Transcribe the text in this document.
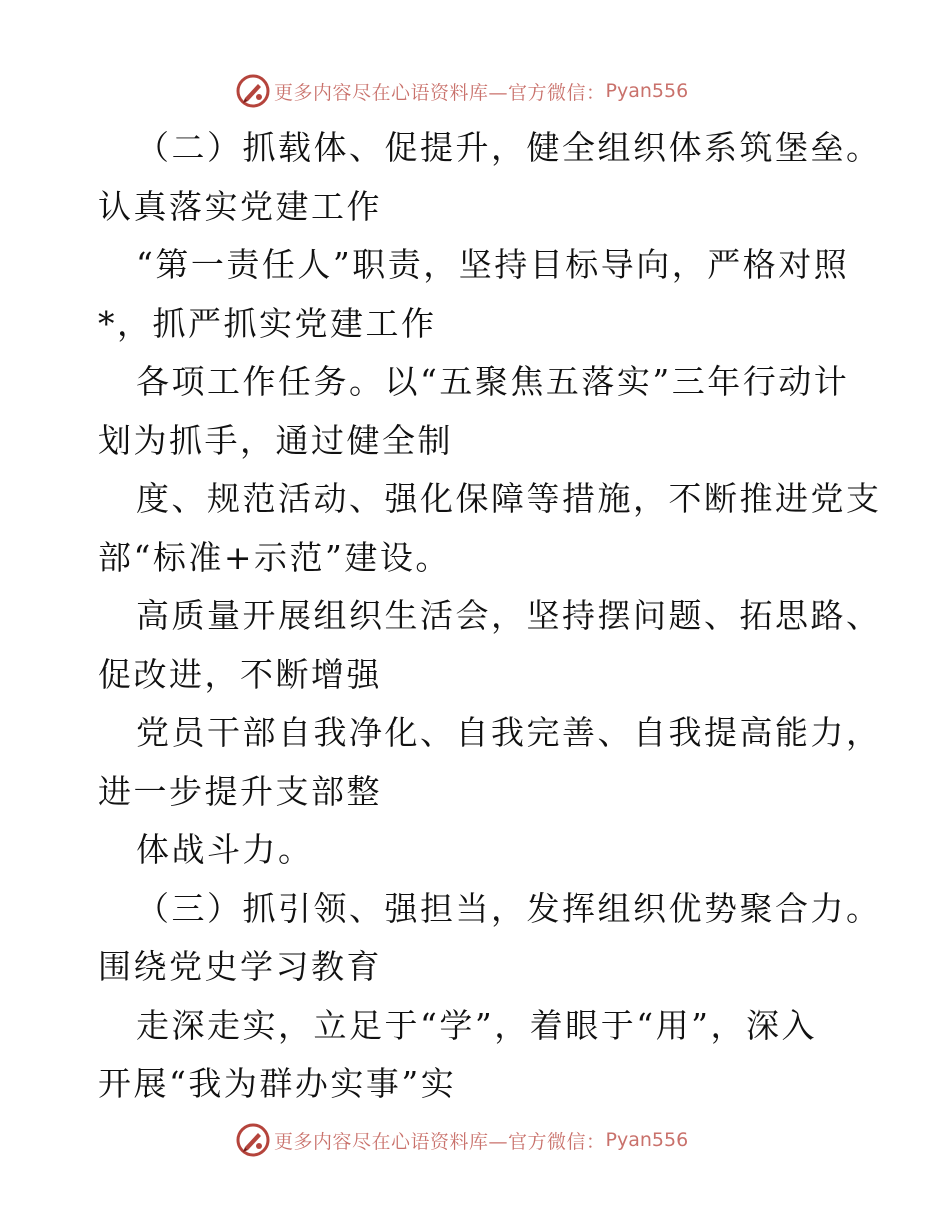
更多内容尽在心语资料库—官方微信： Pyan556
（二）抓载体、促提升，健全组织体系筑堡垒。
认真落实党建工作
“第一责任人”职责，坚持目标导向，严格对照
*，抓严抓实党建工作
各项工作任务。以“五聚焦五落实”三年行动计
划为抓手，通过健全制
度、规范活动、强化保障等措施，不断推进党支
部“标准+示范”建设。
高质量开展组织生活会，坚持摆问题、拓思路、
促改进，不断增强
党员干部自我净化、自我完善、自我提高能力，
进一步提升支部整
体战斗力。
（三）抓引领、强担当，发挥组织优势聚合力。
围绕党史学习教育
走深走实，立足于“学”，着眼于“用”，深入
开展“我为群办实事”实
更多内容尽在心语资料库—官方微信： Pyan556
